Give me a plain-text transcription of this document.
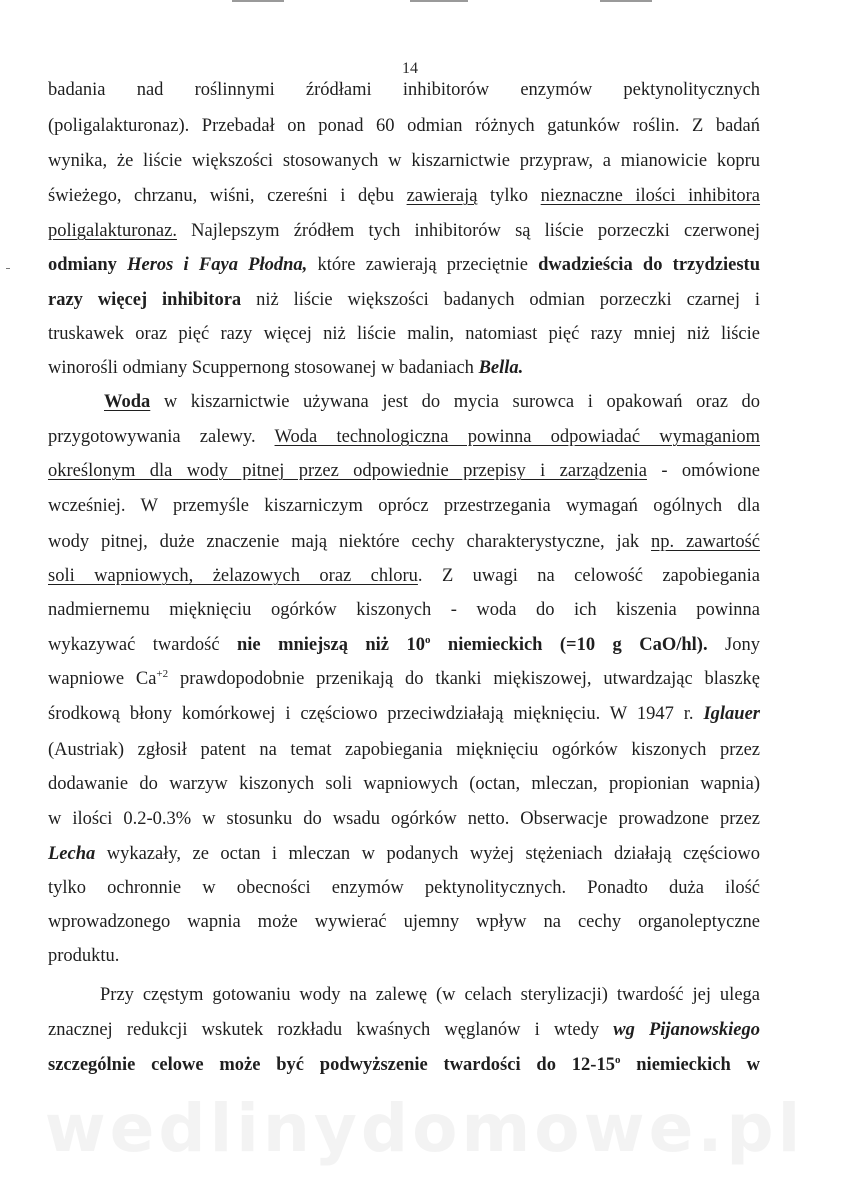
14
badania nad roślinnymi źródłami inhibitorów enzymów pektynolitycznych
(poligalakturonaz). Przebadał on ponad 60 odmian różnych gatunków roślin. Z badań
wynika, że liście większości stosowanych w kiszarnictwie przypraw, a mianowicie kopru
świeżego, chrzanu, wiśni, czereśni i dębu zawierają tylko nieznaczne ilości inhibitora
poligalakturonaz. Najlepszym źródłem tych inhibitorów są liście porzeczki czerwonej
odmiany Heros i Faya Płodna, które zawierają przeciętnie dwadzieścia do trzydziestu
razy więcej inhibitora niż liście większości badanych odmian porzeczki czarnej i
truskawek oraz pięć razy więcej niż liście malin, natomiast pięć razy mniej niż liście
winorośli odmiany Scuppernong stosowanej w badaniach Bella.
Woda w kiszarnictwie używana jest do mycia surowca i opakowań oraz do
przygotowywania zalewy. Woda technologiczna powinna odpowiadać wymaganiom
określonym dla wody pitnej przez odpowiednie przepisy i zarządzenia - omówione
wcześniej. W przemyśle kiszarniczym oprócz przestrzegania wymagań ogólnych dla
wody pitnej, duże znaczenie mają niektóre cechy charakterystyczne, jak np. zawartość
soli wapniowych, żelazowych oraz chloru. Z uwagi na celowość zapobiegania
nadmiernemu mięknięciu ogórków kiszonych - woda do ich kiszenia powinna
wykazywać twardość nie mniejszą niż 10$^o$ niemieckich (=10 g CaO/hl). Jony
wapniowe $Ca^{+2}$ prawdopodobnie przenikają do tkanki miękiszowej, utwardzając blaszkę
środkową błony komórkowej i częściowo przeciwdziałają mięknięciu. W 1947 r. Iglauer
(Austriak) zgłosił patent na temat zapobiegania mięknięciu ogórków kiszonych przez
dodawanie do warzyw kiszonych soli wapniowych (octan, mleczan, propionian wapnia)
w ilości 0.2-0.3% w stosunku do wsadu ogórków netto. Obserwacje prowadzone przez
Lecha wykazały, ze octan i mleczan w podanych wyżej stężeniach działają częściowo
tylko ochronnie w obecności enzymów pektynolitycznych. Ponadto duża ilość
wprowadzonego wapnia może wywierać ujemny wpływ na cechy organoleptyczne
produktu.
Przy częstym gotowaniu wody na zalewę (w celach sterylizacji) twardość jej ulega
znacznej redukcji wskutek rozkładu kwaśnych węglanów i wtedy wg Pijanowskiego
szczególnie celowe może być podwyższenie twardości do 12-15$^o$ niemieckich w
wedlinydomowe.pl
